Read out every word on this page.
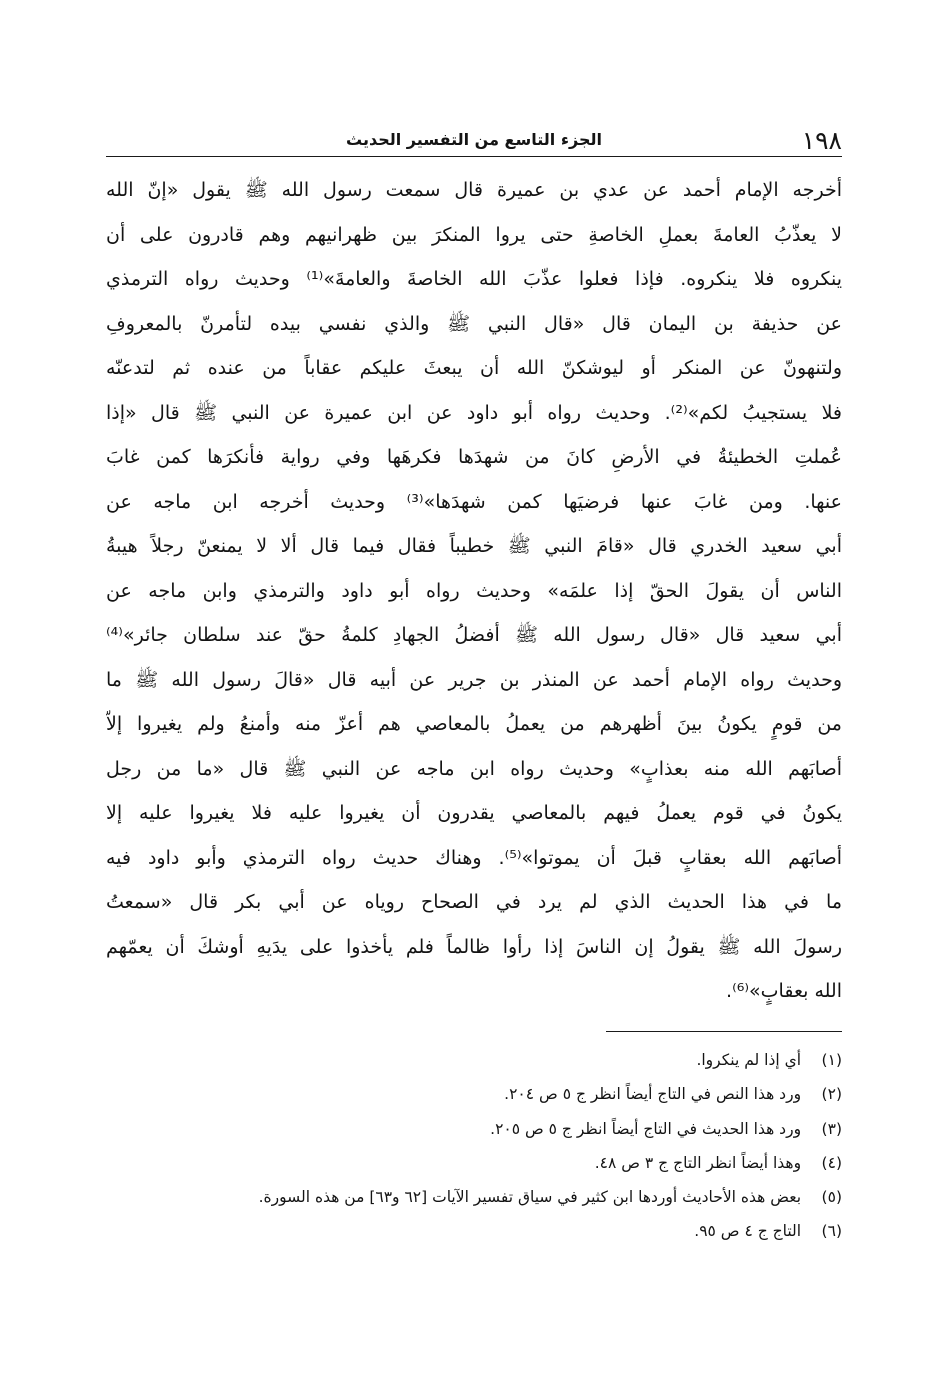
١٩٨
الجزء التاسع من التفسير الحديث
أخرجه الإمام أحمد عن عدي بن عميرة قال سمعت رسول الله ﷺ يقول «إنّ الله
لا يعذّبُ العامةَ بعملِ الخاصةِ حتى يروا المنكرَ بين ظهرانيهم وهم قادرون على أن
ينكروه فلا ينكروه. فإذا فعلوا عذّبَ الله الخاصةَ والعامةَ»⁽¹⁾ وحديث رواه الترمذي
عن حذيفة بن اليمان قال «قال النبي ﷺ والذي نفسي بيده لتأمرنّ بالمعروفِ
ولتنهونّ عن المنكر أو ليوشكنّ الله أن يبعثَ عليكم عقاباً من عنده ثم لتدعنّه
فلا يستجيبُ لكم»⁽²⁾. وحديث رواه أبو داود عن ابن عميرة عن النبي ﷺ قال «إذا
عُملتِ الخطيئةُ في الأرضِ كانَ من شهدَها فكرهَها وفي رواية فأنكرَها كمن غابَ
عنها. ومن غابَ عنها فرضيَها كمن شهدَها»⁽³⁾ وحديث أخرجه ابن ماجه عن
أبي سعيد الخدري قال «قامَ النبي ﷺ خطيباً فقال فيما قال ألا لا يمنعنّ رجلاً هيبةُ
الناس أن يقولَ الحقّ إذا علمَه» وحديث رواه أبو داود والترمذي وابن ماجه عن
أبي سعيد قال «قال رسول الله ﷺ أفضلُ الجهادِ كلمةُ حقّ عند سلطان جائر»⁽⁴⁾
وحديث رواه الإمام أحمد عن المنذر بن جرير عن أبيه قال «قالَ رسول الله ﷺ ما
من قومٍ يكونُ بينَ أظهرهم من يعملُ بالمعاصي هم أعزّ منه وأمنعُ ولم يغيروا إلاّ
أصابَهم الله منه بعذابٍ» وحديث رواه ابن ماجه عن النبي ﷺ قال «ما من رجل
يكونُ في قوم يعملُ فيهم بالمعاصي يقدرون أن يغيروا عليه فلا يغيروا عليه إلا
أصابَهم الله بعقابٍ قبلَ أن يموتوا»⁽⁵⁾. وهناك حديث رواه الترمذي وأبو داود فيه
ما في هذا الحديث الذي لم يرد في الصحاح روياه عن أبي بكر قال «سمعتُ
رسولَ الله ﷺ يقولُ إن الناسَ إذا رأوا ظالماً فلم يأخذوا على يدَيهِ أوشكَ أن يعمّهم
الله بعقابٍ»⁽⁶⁾.
(١) أي إذا لم ينكروا.
(٢) ورد هذا النص في التاج أيضاً انظر ج ٥ ص ٢٠٤.
(٣) ورد هذا الحديث في التاج أيضاً انظر ج ٥ ص ٢٠٥.
(٤) وهذا أيضاً انظر التاج ج ٣ ص ٤٨.
(٥) بعض هذه الأحاديث أوردها ابن كثير في سياق تفسير الآيات [٦٢ و٦٣] من هذه السورة.
(٦) التاج ج ٤ ص ٩٥.
